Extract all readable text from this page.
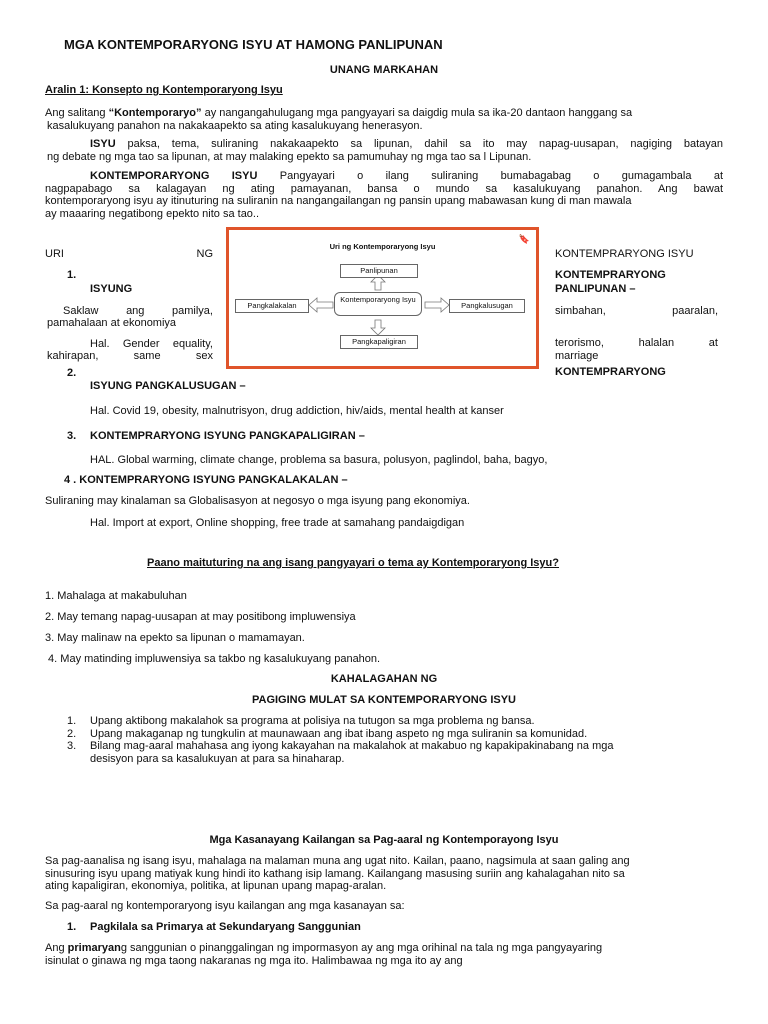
MGA KONTEMPORARYONG ISYU AT HAMONG PANLIPUNAN
UNANG MARKAHAN
Aralin 1: Konsepto ng Kontemporaryong Isyu
Ang salitang “Kontemporaryo” ay nangangahulugang mga pangyayari sa daigdig mula sa ika-20 dantaon hanggang sa
kasalukuyang panahon na nakakaapekto sa ating kasalukuyang henerasyon.
ISYU paksa, tema, suliraning nakakaapekto sa lipunan, dahil sa ito may napag-uusapan, nagiging batayan
ng debate ng mga tao sa lipunan, at may malaking epekto sa pamumuhay ng mga tao sa l Lipunan.
KONTEMPORARYONG ISYU Pangyayari o ilang suliraning bumabagabag o gumagambala at
nagpapabago sa kalagayan ng ating pamayanan, bansa o mundo sa kasalukuyang panahon. Ang bawat
kontemporaryong isyu ay itinuturing na suliranin na nangangailangan ng pansin upang mabawasan kung di man mawala
ay maaaring negatibong epekto nito sa tao..
URI	NG
1.
ISYUNG
Saklaw	ang	pamilya,
pamahalaan at ekonomiya
Hal. Gender equality,
kahirapan,	same	sex
2.
Uri ng Kontemporaryong Isyu
🔖
Panlipunan
Kontemporaryong Isyu
Pangkalakalan	Pangkalusugan
Pangkapaligiran
KONTEMPRARYONG ISYU
KONTEMPRARYONG
PANLIPUNAN –
simbahan,	paaralan,
terorismo,	halalan	at
marriage
KONTEMPRARYONG
ISYUNG PANGKALUSUGAN –
Hal. Covid 19, obesity, malnutrisyon, drug addiction, hiv/aids, mental health at kanser
3. KONTEMPRARYONG ISYUNG PANGKAPALIGIRAN –
HAL. Global warming, climate change, problema sa basura, polusyon, paglindol, baha, bagyo,
4 . KONTEMPRARYONG ISYUNG PANGKALAKALAN –
Suliraning may kinalaman sa Globalisasyon at negosyo o mga isyung pang ekonomiya.
Hal. Import at export, Online shopping, free trade at samahang pandaigdigan
Paano maituturing na ang isang pangyayari o tema ay Kontemporaryong Isyu?
1. Mahalaga at makabuluhan
2. May temang napag-uusapan at may positibong impluwensiya
3. May malinaw na epekto sa lipunan o mamamayan.
4. May matinding impluwensiya sa takbo ng kasalukuyang panahon.
KAHALAGAHAN NG
PAGIGING MULAT SA KONTEMPORARYONG ISYU
1.	Upang aktibong makalahok sa programa at polisiya na tutugon sa mga problema ng bansa.
2.	Upang makaganap ng tungkulin at maunawaan ang ibat ibang aspeto ng mga suliranin sa komunidad.
3.	Bilang mag-aaral mahahasa ang iyong kakayahan na makalahok at makabuo ng kapakipakinabang na mga
desisyon para sa kasalukuyan at para sa hinaharap.
Mga Kasanayang Kailangan sa Pag-aaral ng Kontemporayong Isyu
Sa pag-aanalisa ng isang isyu, mahalaga na malaman muna ang ugat nito. Kailan, paano, nagsimula at saan galing ang
sinusuring isyu upang matiyak kung hindi ito kathang isip lamang. Kailangang masusing suriin ang kahalagahan nito sa
ating kapaligiran, ekonomiya, politika, at lipunan upang mapag-aralan.
Sa pag-aaral ng kontemporaryong isyu kailangan ang mga kasanayan sa:
1. Pagkilala sa Primarya at Sekundaryang Sanggunian
Ang primaryang sanggunian o pinanggalingan ng impormasyon ay ang mga orihinal na tala ng mga pangyayaring
isinulat o ginawa ng mga taong nakaranas ng mga ito. Halimbawaa ng mga ito ay ang
